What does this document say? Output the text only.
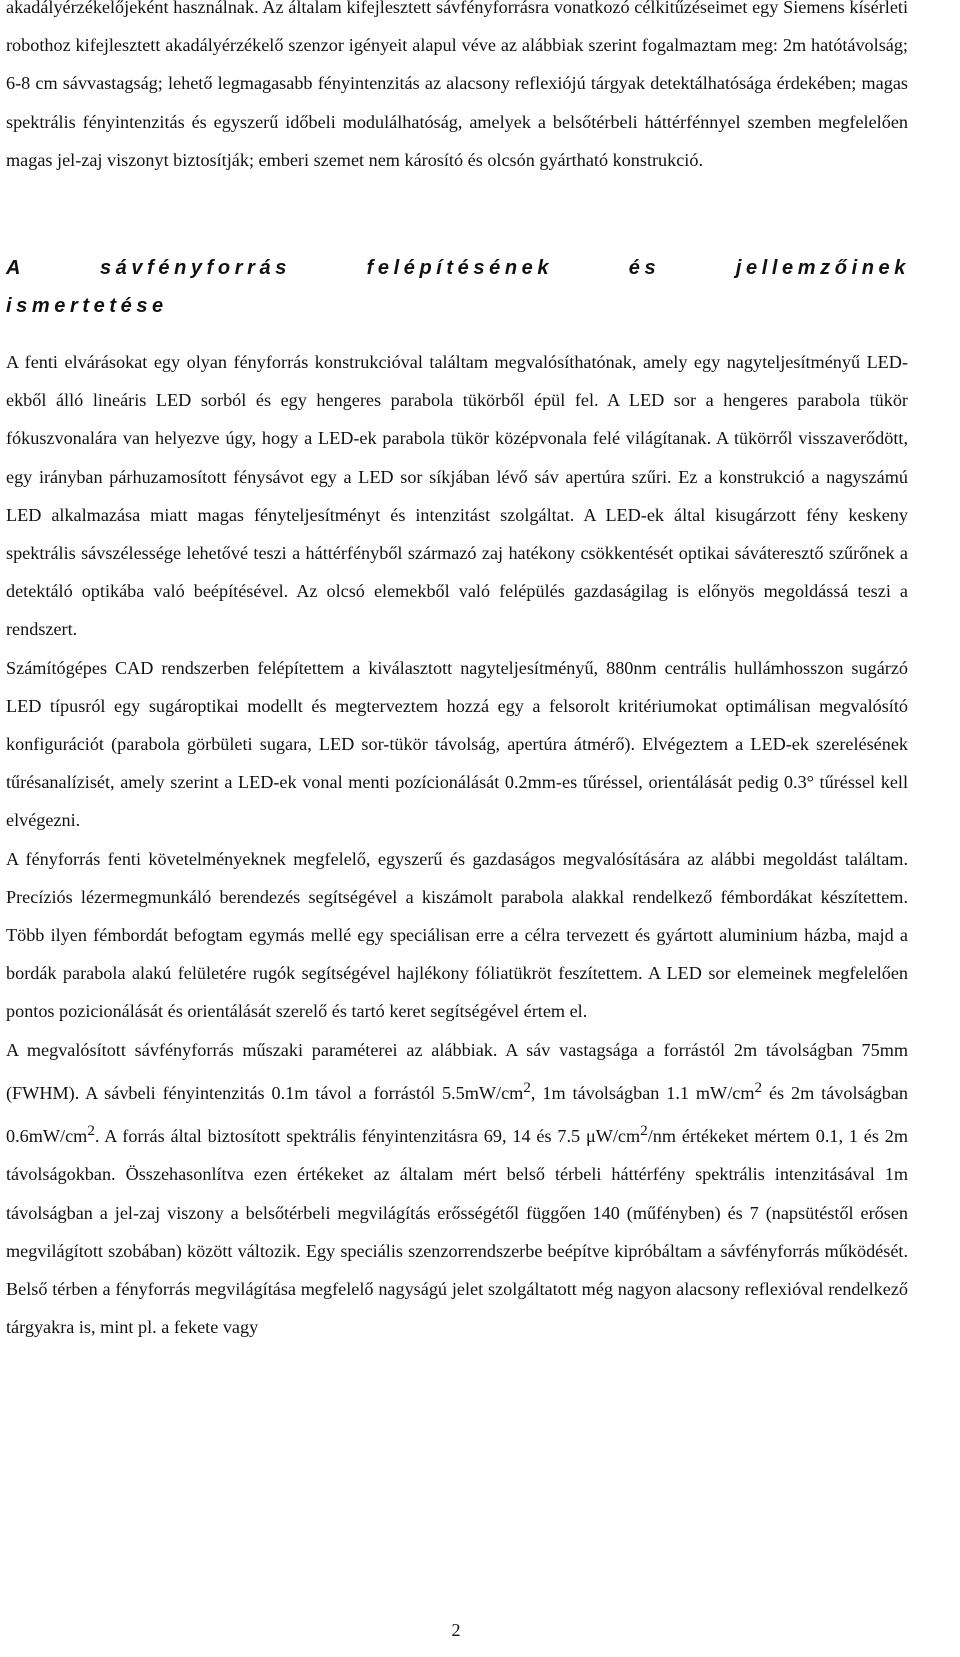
akadályérzékelőjeként használnak. Az általam kifejlesztett sávfényforrásra vonatkozó célkitűzéseimet egy Siemens kísérleti robothoz kifejlesztett akadályérzékelő szenzor igényeit alapul véve az alábbiak szerint fogalmaztam meg: 2m hatótávolság; 6-8 cm sávvastagság; lehető legmagasabb fényintenzitás az alacsony reflexiójú tárgyak detektálhatósága érdekében; magas spektrális fényintenzitás és egyszerű időbeli modulálhatóság, amelyek a belsőtérbeli háttérfénnyel szemben megfelelően magas jel-zaj viszonyt biztosítják; emberi szemet nem károsító és olcsón gyártható konstrukció.

A sávfényforrás felépítésének és jellemzőinek ismertetése

A fenti elvárásokat egy olyan fényforrás konstrukcióval találtam megvalósíthatónak, amely egy nagyteljesítményű LED-ekből álló lineáris LED sorból és egy hengeres parabola tükörből épül fel. A LED sor a hengeres parabola tükör fókuszvonalára van helyezve úgy, hogy a LED-ek parabola tükör középvonala felé világítanak. A tükörről visszaverődött, egy irányban párhuzamosított fénysávot egy a LED sor síkjában lévő sáv apertúra szűri. Ez a konstrukció a nagyszámú LED alkalmazása miatt magas fényteljesítményt és intenzitást szolgáltat. A LED-ek által kisugárzott fény keskeny spektrális sávszélessége lehetővé teszi a háttérfényből származó zaj hatékony csökkentését optikai sáváteresztő szűrőnek a detektáló optikába való beépítésével. Az olcsó elemekből való felépülés gazdaságilag is előnyös megoldássá teszi a rendszert.

Számítógépes CAD rendszerben felépítettem a kiválasztott nagyteljesítményű, 880nm centrális hullámhosszon sugárzó LED típusról egy sugároptikai modellt és megterveztem hozzá egy a felsorolt kritériumokat optimálisan megvalósító konfigurációt (parabola görbületi sugara, LED sor-tükör távolság, apertúra átmérő). Elvégeztem a LED-ek szerelésének tűrésanalízisét, amely szerint a LED-ek vonal menti pozícionálását 0.2mm-es tűréssel, orientálását pedig 0.3° tűréssel kell elvégezni.

A fényforrás fenti követelményeknek megfelelő, egyszerű és gazdaságos megvalósítására az alábbi megoldást találtam. Precíziós lézermegmunkáló berendezés segítségével a kiszámolt parabola alakkal rendelkező fémbordákat készítettem. Több ilyen fémbordát befogtam egymás mellé egy speciálisan erre a célra tervezett és gyártott aluminium házba, majd a bordák parabola alakú felületére rugók segítségével hajlékony fóliatükröt feszítettem. A LED sor elemeinek megfelelően pontos pozicionálását és orientálását szerelő és tartó keret segítségével értem el.

A megvalósított sávfényforrás műszaki paraméterei az alábbiak. A sáv vastagsága a forrástól 2m távolságban 75mm (FWHM). A sávbeli fényintenzitás 0.1m távol a forrástól $5.5mW/cm^2$, 1m távolságban 1.1 $mW/cm^2$ és 2m távolságban $0.6mW/cm^2$. A forrás által biztosított spektrális fényintenzitásra 69, 14 és 7.5 $\mu W/cm^2/nm$ értékeket mértem 0.1, 1 és 2m távolságokban. Összehasonlítva ezen értékeket az általam mért belső térbeli háttérfény spektrális intenzitásával 1m távolságban a jel-zaj viszony a belsőtérbeli megvilágítás erősségétől függően 140 (műfényben) és 7 (napsütéstől erősen megvilágított szobában) között változik. Egy speciális szenzorrendszerbe beépítve kipróbáltam a sávfényforrás működését. Belső térben a fényforrás megvilágítása megfelelő nagyságú jelet szolgáltatott még nagyon alacsony reflexióval rendelkező tárgyakra is, mint pl. a fekete vagy

2
